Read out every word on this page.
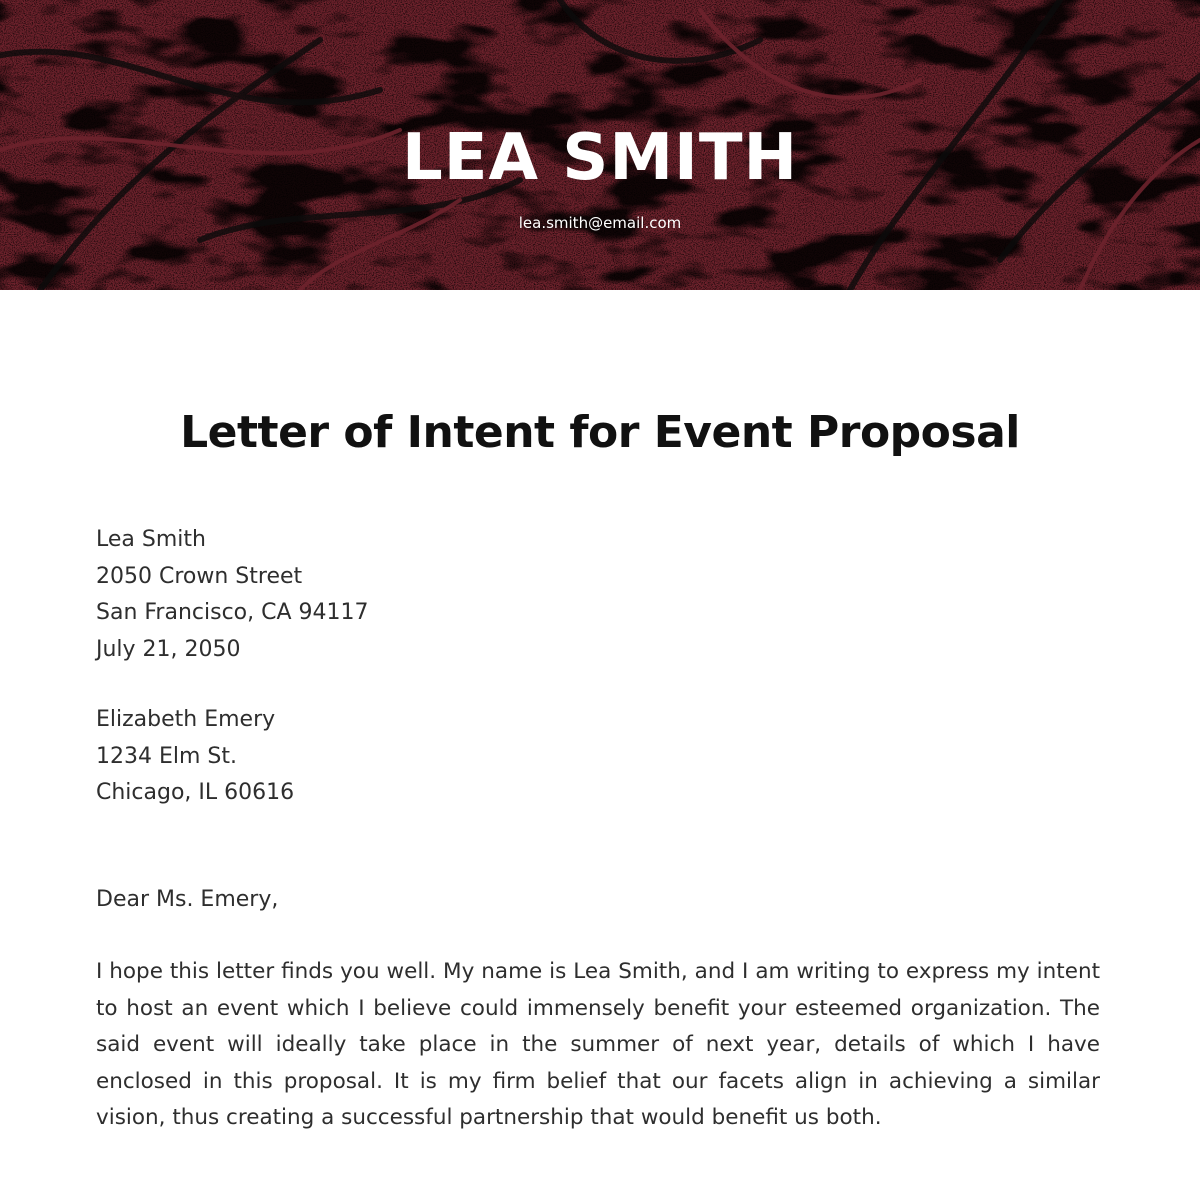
LEA SMITH
lea.smith@email.com
Letter of Intent for Event Proposal
Lea Smith
2050 Crown Street
San Francisco, CA 94117
July 21, 2050
Elizabeth Emery
1234 Elm St.
Chicago, IL 60616
Dear Ms. Emery,
I hope this letter finds you well. My name is Lea Smith, and I am writing to express my intent to host an event which I believe could immensely benefit your esteemed organization. The said event will ideally take place in the summer of next year, details of which I have enclosed in this proposal. It is my firm belief that our facets align in achieving a similar vision, thus creating a successful partnership that would benefit us both.
